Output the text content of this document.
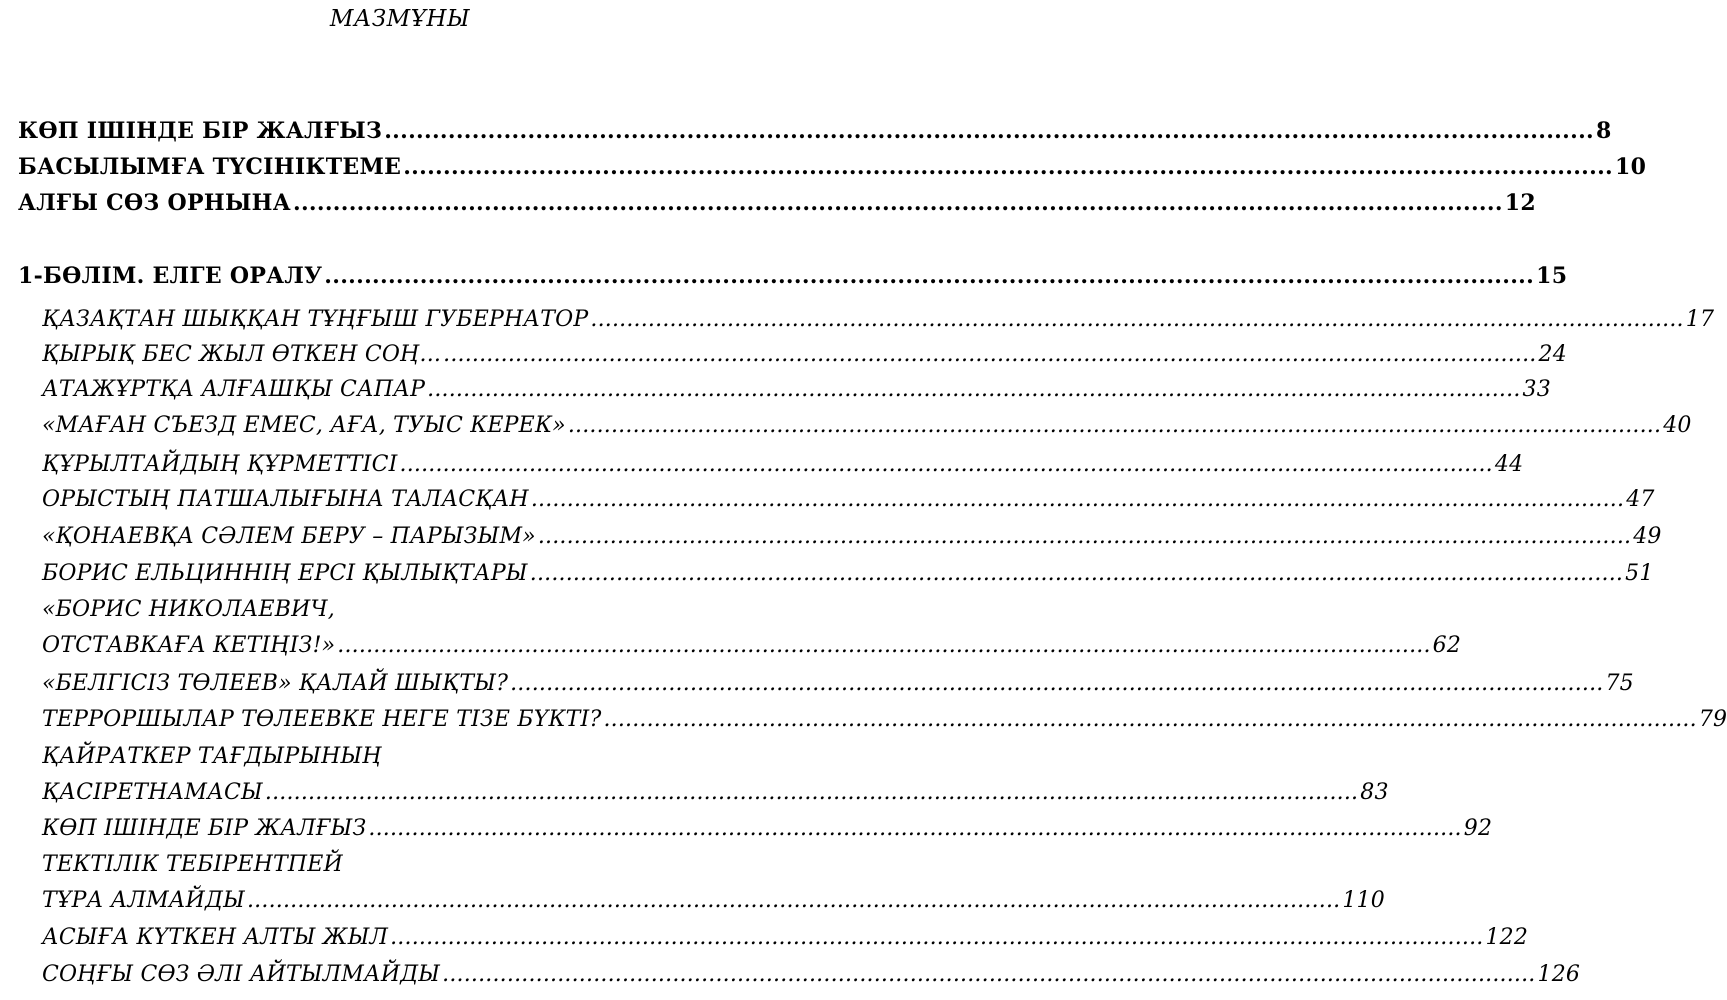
МАЗМҰНЫ
КӨП ІШІНДЕ БІР ЖАЛҒЫЗ ........................................................................................................................................................ 8
БАСЫЛЫМҒА ТҮСІНІКТЕМЕ ........................................................................................................................................................ 10
АЛҒЫ СӨЗ ОРНЫНА ........................................................................................................................................................ 12
1-БӨЛІМ. ЕЛГЕ ОРАЛУ ........................................................................................................................................................ 15
ҚАЗАҚТАН ШЫҚҚАН ТҰҢҒЫШ ГУБЕРНАТОР ........................................................................................................................................................ 17
ҚЫРЫҚ БЕС ЖЫЛ ӨТКЕН СОҢ... ........................................................................................................................................................ 24
АТАЖҰРТҚА АЛҒАШҚЫ САПАР ........................................................................................................................................................ 33
«МАҒАН СЪЕЗД ЕМЕС, АҒА, ТУЫС КЕРЕК» ........................................................................................................................................................ 40
ҚҰРЫЛТАЙДЫҢ ҚҰРМЕТТІСІ ........................................................................................................................................................ 44
ОРЫСТЫҢ ПАТШАЛЫҒЫНА ТАЛАСҚАН ........................................................................................................................................................ 47
«ҚОНАЕВҚА СӘЛЕМ БЕРУ – ПАРЫЗЫМ» ........................................................................................................................................................ 49
БОРИС ЕЛЬЦИННІҢ ЕРСІ ҚЫЛЫҚТАРЫ ........................................................................................................................................................ 51
«БОРИС НИКОЛАЕВИЧ,
ОТСТАВКАҒА КЕТІҢІЗ!» ........................................................................................................................................................ 62
«БЕЛГІСІЗ ТӨЛЕЕВ» ҚАЛАЙ ШЫҚТЫ? ........................................................................................................................................................ 75
ТЕРРОРШЫЛАР ТӨЛЕЕВКЕ НЕГЕ ТІЗЕ БҮКТІ? ........................................................................................................................................................ 79
ҚАЙРАТКЕР ТАҒДЫРЫНЫҢ
ҚАСІРЕТНАМАСЫ ........................................................................................................................................................ 83
КӨП ІШІНДЕ БІР ЖАЛҒЫЗ ........................................................................................................................................................ 92
ТЕКТІЛІК ТЕБІРЕНТПЕЙ
ТҰРА АЛМАЙДЫ ........................................................................................................................................................ 110
АСЫҒА КҮТКЕН АЛТЫ ЖЫЛ ........................................................................................................................................................ 122
СОҢҒЫ СӨЗ ӘЛІ АЙТЫЛМАЙДЫ ........................................................................................................................................................ 126
